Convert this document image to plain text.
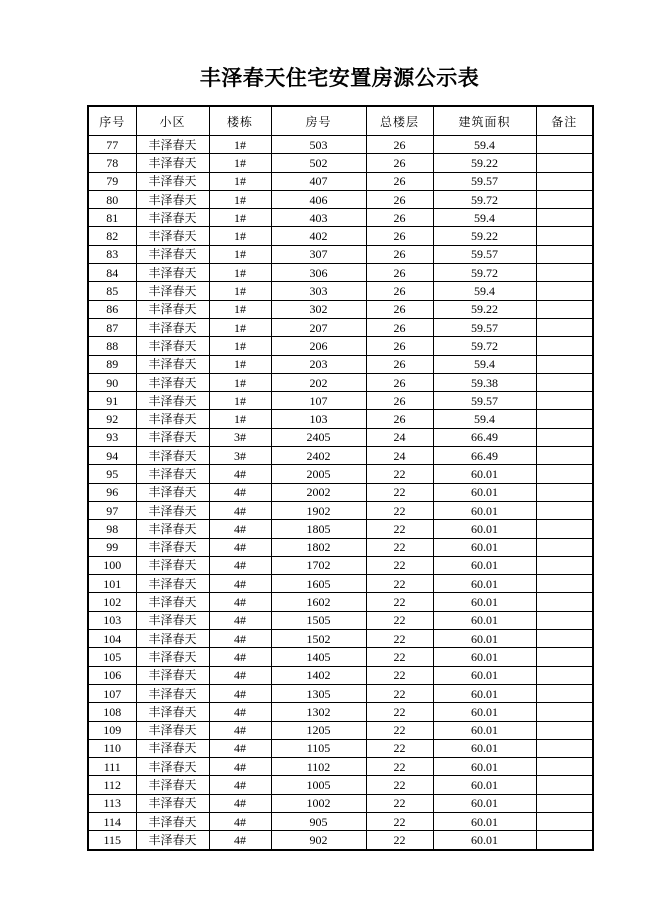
丰泽春天住宅安置房源公示表
序号	小区	楼栋	房号	总楼层	建筑面积	备注
77	丰泽春天	1#	503	26	59.4	
78	丰泽春天	1#	502	26	59.22	
79	丰泽春天	1#	407	26	59.57	
80	丰泽春天	1#	406	26	59.72	
81	丰泽春天	1#	403	26	59.4	
82	丰泽春天	1#	402	26	59.22	
83	丰泽春天	1#	307	26	59.57	
84	丰泽春天	1#	306	26	59.72	
85	丰泽春天	1#	303	26	59.4	
86	丰泽春天	1#	302	26	59.22	
87	丰泽春天	1#	207	26	59.57	
88	丰泽春天	1#	206	26	59.72	
89	丰泽春天	1#	203	26	59.4	
90	丰泽春天	1#	202	26	59.38	
91	丰泽春天	1#	107	26	59.57	
92	丰泽春天	1#	103	26	59.4	
93	丰泽春天	3#	2405	24	66.49	
94	丰泽春天	3#	2402	24	66.49	
95	丰泽春天	4#	2005	22	60.01	
96	丰泽春天	4#	2002	22	60.01	
97	丰泽春天	4#	1902	22	60.01	
98	丰泽春天	4#	1805	22	60.01	
99	丰泽春天	4#	1802	22	60.01	
100	丰泽春天	4#	1702	22	60.01	
101	丰泽春天	4#	1605	22	60.01	
102	丰泽春天	4#	1602	22	60.01	
103	丰泽春天	4#	1505	22	60.01	
104	丰泽春天	4#	1502	22	60.01	
105	丰泽春天	4#	1405	22	60.01	
106	丰泽春天	4#	1402	22	60.01	
107	丰泽春天	4#	1305	22	60.01	
108	丰泽春天	4#	1302	22	60.01	
109	丰泽春天	4#	1205	22	60.01	
110	丰泽春天	4#	1105	22	60.01	
111	丰泽春天	4#	1102	22	60.01	
112	丰泽春天	4#	1005	22	60.01	
113	丰泽春天	4#	1002	22	60.01	
114	丰泽春天	4#	905	22	60.01	
115	丰泽春天	4#	902	22	60.01	
